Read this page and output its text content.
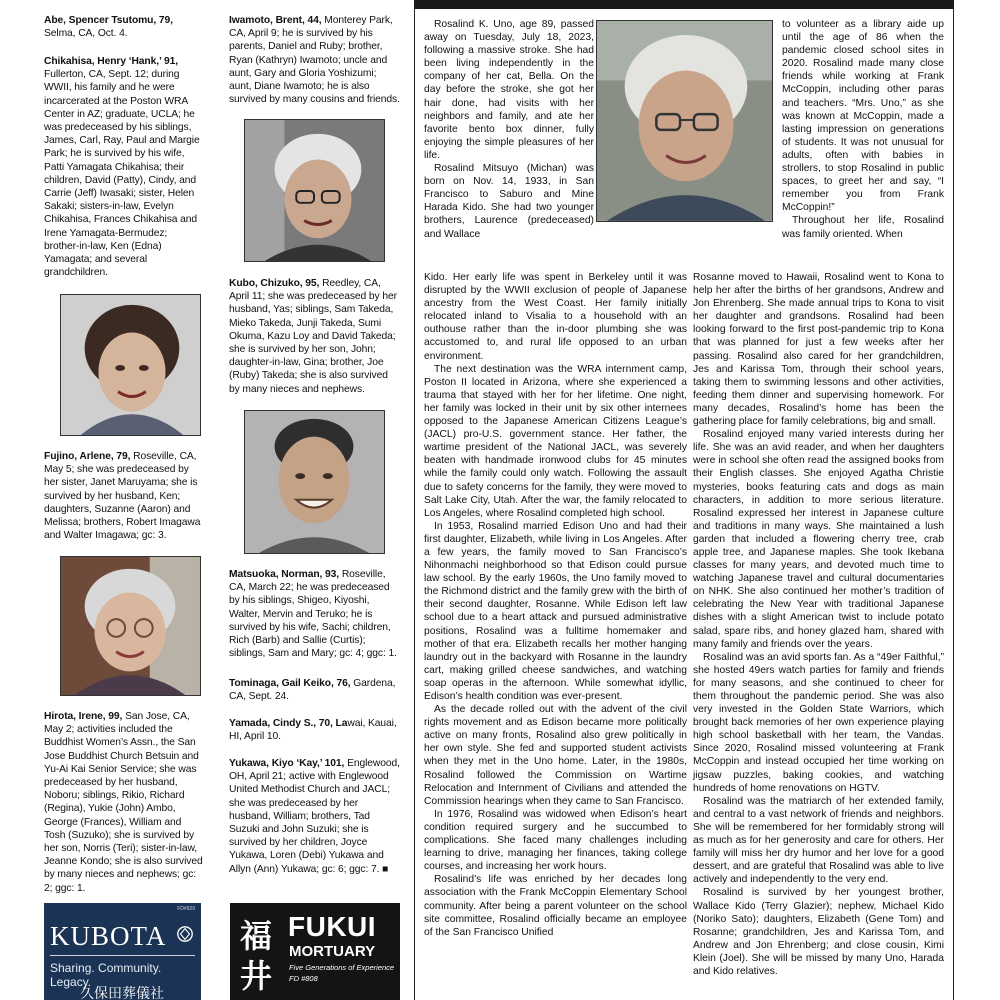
Abe, Spencer Tsutomu, 79, Selma, CA, Oct. 4.
Chikahisa, Henry ‘Hank,’ 91, Fullerton, CA, Sept. 12; during WWII, his family and he were incarcerated at the Poston WRA Center in AZ; graduate, UCLA; he was predeceased by his siblings, James, Carl, Ray, Paul and Margie Park; he is survived by his wife, Patti Yamagata Chikahisa; their children, David (Patty), Cindy, and Carrie (Jeff) Iwasaki; sister, Helen Sakaki; sisters-in-law, Evelyn Chikahisa, Frances Chikahisa and Irene Yamagata-Bermudez; brother-in-law, Ken (Edna) Yamagata; and several grandchildren.
Fujino, Arlene, 79, Roseville, CA, May 5; she was predeceased by her sister, Janet Maruyama; she is survived by her husband, Ken; daughters, Suzanne (Aaron) and Melissa; brothers, Robert Imagawa and Walter Imagawa; gc: 3.
Hirota, Irene, 99, San Jose, CA, May 2; activities included the Buddhist Women’s Assn., the San Jose Buddhist Church Betsuin and Yu-Ai Kai Senior Service; she was predeceased by her husband, Noboru; siblings, Rikio, Richard (Regina), Yukie (John) Ambo, George (Frances), William and Tosh (Suzuko); she is survived by her son, Norris (Teri); sister-in-law, Jeanne Kondo; she is also survived by many nieces and nephews; gc: 2; ggc: 1.
Iwamoto, Brent, 44, Monterey Park, CA, April 9; he is survived by his parents, Daniel and Ruby; brother, Ryan (Kathryn) Iwamoto; uncle and aunt, Gary and Gloria Yoshizumi; aunt, Diane Iwamoto; he is also survived by many cousins and friends.
Kubo, Chizuko, 95, Reedley, CA, April 11; she was predeceased by her husband, Yas; siblings, Sam Takeda, Mieko Takeda, Junji Takeda, Sumi Okuma, Kazu Loy and David Takeda; she is survived by her son, John; daughter-in-law, Gina; brother, Joe (Ruby) Takeda; she is also survived by many nieces and nephews.
Matsuoka, Norman, 93, Roseville, CA, March 22; he was predeceased by his siblings, Shigeo, Kiyoshi, Walter, Mervin and Teruko; he is survived by his wife, Sachi; children, Rich (Barb) and Sallie (Curtis); siblings, Sam and Mary; gc: 4; ggc: 1.
Tominaga, Gail Keiko, 76, Gardena, CA, Sept. 24.
Yamada, Cindy S., 70, Lawai, Kauai, HI, April 10.
Yukawa, Kiyo ‘Kay,’ 101, Englewood, OH, April 21; active with Englewood United Methodist Church and JACL; she was predeceased by her husband, William; brothers, Tad Suzuki and John Suzuki; she is survived by her children, Joyce Yukawa, Loren (Debi) Yukawa and Allyn (Ann) Yukawa; gc: 6; ggc: 7. ■
FD#929
KUBOTA
Sharing. Community. Legacy.
久保田葬儀社
福
井
FUKUI
MORTUARY
Five Generations of Experience
FD #808

Rosalind K. Uno, age 89, passed away on Tuesday, July 18, 2023, following a massive stroke. She had been living independently in the company of her cat, Bella. On the day before the stroke, she got her hair done, had visits with her neighbors and family, and ate her favorite bento box dinner, fully enjoying the simple pleasures of her life.

Rosalind Mitsuyo (Michan) was born on Nov. 14, 1933, in San Francisco to Saburo and Mine Harada Kido. She had two younger brothers, Laurence (predeceased) and Wallace

to volunteer as a library aide up until the age of 86 when the pandemic closed school sites in 2020. Rosalind made many close friends while working at Frank McCoppin, including other paras and teachers. “Mrs. Uno,” as she was known at McCoppin, made a lasting impression on generations of students. It was not unusual for adults, often with babies in strollers, to stop Rosalind in public spaces, to greet her and say, “I remember you from Frank McCoppin!”

Throughout her life, Rosalind was family oriented. When

Kido. Her early life was spent in Berkeley until it was disrupted by the WWII exclusion of people of Japanese ancestry from the West Coast. Her family initially relocated inland to Visalia to a household with an outhouse rather than the in-door plumbing she was accustomed to, and rural life opposed to an urban environment.

The next destination was the WRA internment camp, Poston II located in Arizona, where she experienced a trauma that stayed with her for her lifetime. One night, her family was locked in their unit by six other internees opposed to the Japanese American Citizens League’s (JACL) pro-U.S. government stance. Her father, the wartime president of the National JACL, was severely beaten with handmade ironwood clubs for 45 minutes while the family could only watch. Following the assault due to safety concerns for the family, they were moved to Salt Lake City, Utah. After the war, the family relocated to Los Angeles, where Rosalind completed high school.

In 1953, Rosalind married Edison Uno and had their first daughter, Elizabeth, while living in Los Angeles. After a few years, the family moved to San Francisco’s Nihonmachi neighborhood so that Edison could pursue law school. By the early 1960s, the Uno family moved to the Richmond district and the family grew with the birth of their second daughter, Rosanne. While Edison left law school due to a heart attack and pursued administrative positions, Rosalind was a fulltime homemaker and mother of that era. Elizabeth recalls her mother hanging laundry out in the backyard with Rosanne in the laundry cart, making grilled cheese sandwiches, and watching soap operas in the afternoon. While somewhat idyllic, Edison’s health condition was ever-present.

As the decade rolled out with the advent of the civil rights movement and as Edison became more politically active on many fronts, Rosalind also grew politically in her own style. She fed and supported student activists when they met in the Uno home. Later, in the 1980s, Rosalind followed the Commission on Wartime Relocation and Internment of Civilians and attended the Commission hearings when they came to San Francisco.

In 1976, Rosalind was widowed when Edison’s heart condition required surgery and he succumbed to complications. She faced many challenges including learning to drive, managing her finances, taking college courses, and increasing her work hours.

Rosalind’s life was enriched by her decades long association with the Frank McCoppin Elementary School community. After being a parent volunteer on the school site committee, Rosalind officially became an employee of the San Francisco Unified

Rosanne moved to Hawaii, Rosalind went to Kona to help her after the births of her grandsons, Andrew and Jon Ehrenberg. She made annual trips to Kona to visit her daughter and grandsons. Rosalind had been looking forward to the first post-pandemic trip to Kona that was planned for just a few weeks after her passing. Rosalind also cared for her grandchildren, Jes and Karissa Tom, through their school years, taking them to swimming lessons and other activities, feeding them dinner and supervising homework. For many decades, Rosalind’s home has been the gathering place for family celebrations, big and small.

Rosalind enjoyed many varied interests during her life. She was an avid reader, and when her daughters were in school she often read the assigned books from their English classes. She enjoyed Agatha Christie mysteries, books featuring cats and dogs as main characters, in addition to more serious literature. Rosalind expressed her interest in Japanese culture and traditions in many ways. She maintained a lush garden that included a flowering cherry tree, crab apple tree, and Japanese maples. She took Ikebana classes for many years, and devoted much time to watching Japanese travel and cultural documentaries on NHK. She also continued her mother’s tradition of celebrating the New Year with traditional Japanese dishes with a slight American twist to include potato salad, spare ribs, and honey glazed ham, shared with many family and friends over the years.

Rosalind was an avid sports fan. As a “49er Faithful,” she hosted 49ers watch parties for family and friends for many seasons, and she continued to cheer for them throughout the pandemic period. She was also very invested in the Golden State Warriors, which brought back memories of her own experience playing high school basketball with her team, the Vandas. Since 2020, Rosalind missed volunteering at Frank McCoppin and instead occupied her time working on jigsaw puzzles, baking cookies, and watching hundreds of home renovations on HGTV.

Rosalind was the matriarch of her extended family, and central to a vast network of friends and neighbors. She will be remembered for her formidably strong will as much as for her generosity and care for others. Her family will miss her dry humor and her love for a good dessert, and are grateful that Rosalind was able to live actively and independently to the very end.

Rosalind is survived by her youngest brother, Wallace Kido (Terry Glazier); nephew, Michael Kido (Noriko Sato); daughters, Elizabeth (Gene Tom) and Rosanne; grandchildren, Jes and Karissa Tom, and Andrew and Jon Ehrenberg; and close cousin, Kimi Klein (Joel). She will be missed by many Uno, Harada and Kido relatives.
